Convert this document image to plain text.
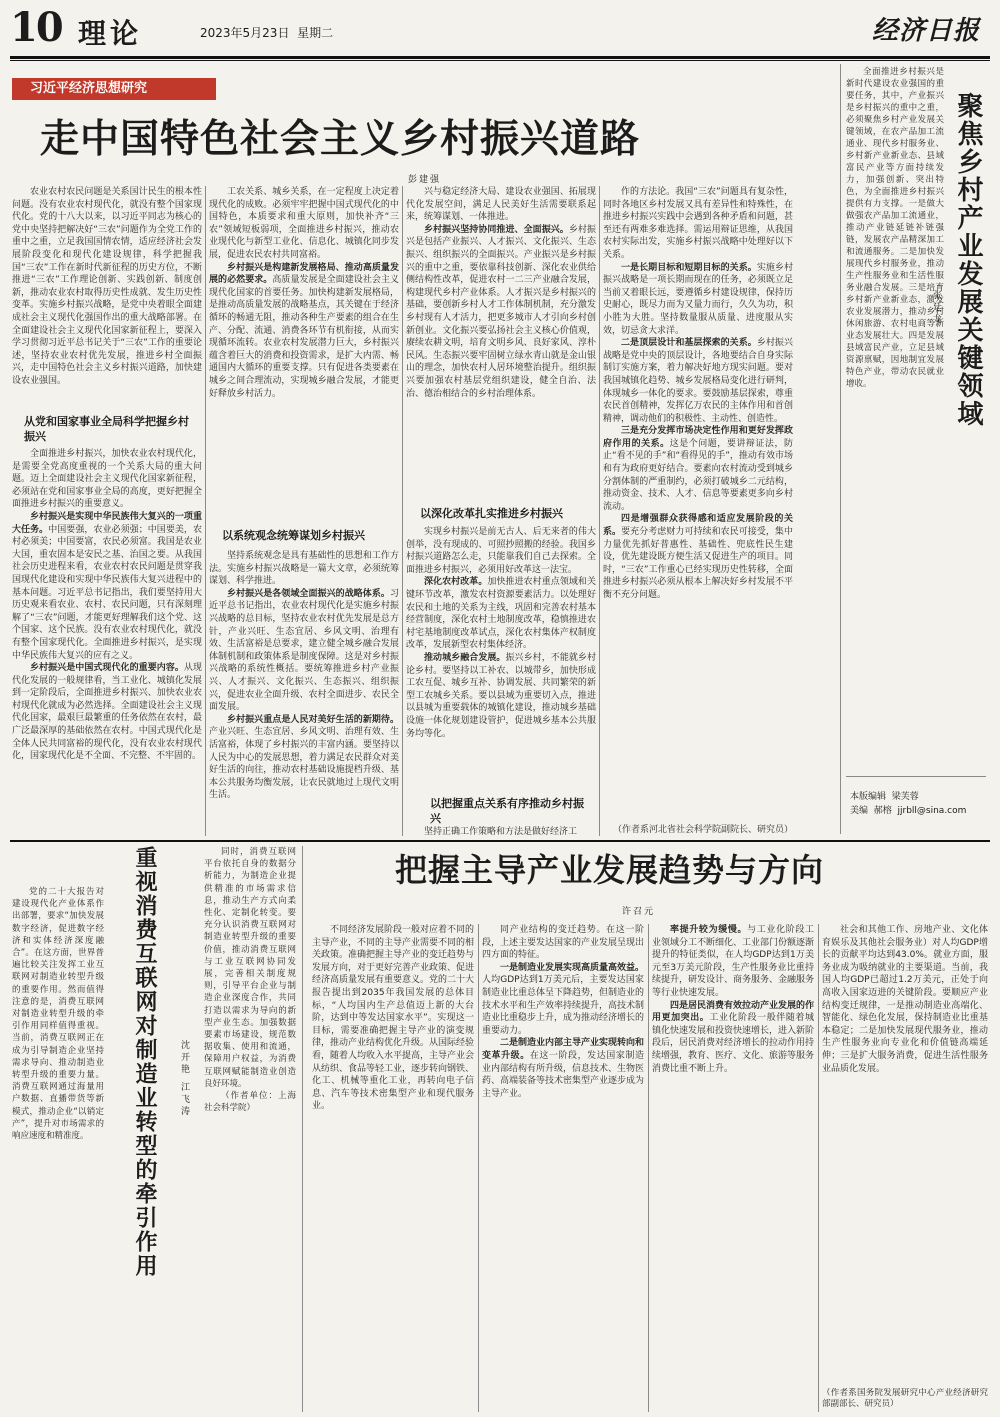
10 理论	2023年5月23日 星期二	经济日报
习近平经济思想研究
走中国特色社会主义乡村振兴道路
彭建强

农业农村农民问题是关系国计民生的根本性问题。没有农业农村现代化，就没有整个国家现代化。党的十八大以来，以习近平同志为核心的党中央坚持把解决好“三农”问题作为全党工作的重中之重，立足我国国情农情，适应经济社会发展阶段变化和现代化建设规律，科学把握我国“三农”工作在新时代新征程的历史方位，不断推进“三农”工作理论创新、实践创新、制度创新，推动农业农村取得历史性成就、发生历史性变革。实施乡村振兴战略，是党中央着眼全面建成社会主义现代化强国作出的重大战略部署。在全面建设社会主义现代化国家新征程上，要深入学习贯彻习近平总书记关于“三农”工作的重要论述，坚持农业农村优先发展，推进乡村全面振兴，走中国特色社会主义乡村振兴道路，加快建设农业强国。

从党和国家事业全局科学把握乡村振兴

全面推进乡村振兴，加快农业农村现代化，是需要全党高度重视的一个关系大局的重大问题。迈上全面建设社会主义现代化国家新征程，必须站在党和国家事业全局的高度，更好把握全面推进乡村振兴的重要意义。

乡村振兴是实现中华民族伟大复兴的一项重大任务。中国要强，农业必须强；中国要美，农村必须美；中国要富，农民必须富。我国是农业大国，重农固本是安民之基、治国之要。从我国社会历史进程来看，农业农村农民问题是贯穿我国现代化建设和实现中华民族伟大复兴进程中的基本问题。习近平总书记指出，我们要坚持用大历史观来看农业、农村、农民问题，只有深刻理解了“三农”问题，才能更好理解我们这个党、这个国家、这个民族。没有农业农村现代化，就没有整个国家现代化。全面推进乡村振兴，是实现中华民族伟大复兴的应有之义。

乡村振兴是中国式现代化的重要内容。从现代化发展的一般规律看，当工业化、城镇化发展到一定阶段后，全面推进乡村振兴、加快农业农村现代化就成为必然选择。全面建设社会主义现代化国家，最艰巨最繁重的任务依然在农村，最广泛最深厚的基础依然在农村。中国式现代化是全体人民共同富裕的现代化，没有农业农村现代化，国家现代化是不全面、不完整、不牢固的。

工农关系、城乡关系，在一定程度上决定着现代化的成败。必须牢牢把握中国式现代化的中国特色，本质要求和重大原则，加快补齐“三农”领域短板弱项，全面推进乡村振兴，推动农业现代化与新型工业化、信息化、城镇化同步发展，促进农民农村共同富裕。

乡村振兴是构建新发展格局、推动高质量发展的必然要求。高质量发展是全面建设社会主义现代化国家的首要任务。加快构建新发展格局，是推动高质量发展的战略基点，其关键在于经济循环的畅通无阻，推动各种生产要素的组合在生产、分配、流通、消费各环节有机衔接，从而实现循环流转。农业农村发展潜力巨大，乡村振兴蕴含着巨大的消费和投资需求，是扩大内需、畅通国内大循环的重要支撑。只有促进各类要素在城乡之间合理流动，实现城乡融合发展，才能更好释放乡村活力。

以系统观念统筹谋划乡村振兴

坚持系统观念是具有基础性的思想和工作方法。实施乡村振兴战略是一篇大文章，必须统筹谋划、科学推进。

乡村振兴是各领域全面振兴的战略体系。习近平总书记指出，农业农村现代化是实施乡村振兴战略的总目标，坚持农业农村优先发展是总方针，产业兴旺、生态宜居、乡风文明、治理有效、生活富裕是总要求，建立健全城乡融合发展体制机制和政策体系是制度保障。这是对乡村振兴战略的系统性概括。要统筹推进乡村产业振兴、人才振兴、文化振兴、生态振兴、组织振兴，促进农业全面升级、农村全面进步、农民全面发展。

乡村振兴重点是人民对美好生活的新期待。产业兴旺、生态宜居、乡风文明、治理有效、生活富裕，体现了乡村振兴的丰富内涵。要坚持以人民为中心的发展思想，着力满足农民群众对美好生活的向往，推动农村基础设施提档升级、基本公共服务均衡发展，让农民就地过上现代文明生活。

兴与稳定经济大局、建设农业强国、拓展现代化发展空间，满足人民美好生活需要联系起来，统筹谋划、一体推进。

乡村振兴坚持协同推进、全面振兴。乡村振兴是包括产业振兴、人才振兴、文化振兴、生态振兴、组织振兴的全面振兴。产业振兴是乡村振兴的重中之重，要依靠科技创新、深化农业供给侧结构性改革，促进农村一二三产业融合发展，构建现代乡村产业体系。人才振兴是乡村振兴的基础，要创新乡村人才工作体制机制，充分激发乡村现有人才活力，把更多城市人才引向乡村创新创业。文化振兴要弘扬社会主义核心价值观，赓续农耕文明，培育文明乡风、良好家风、淳朴民风。生态振兴要牢固树立绿水青山就是金山银山的理念，加快农村人居环境整治提升。组织振兴要加强农村基层党组织建设，健全自治、法治、德治相结合的乡村治理体系。

以深化改革扎实推进乡村振兴

实现乡村振兴是前无古人、后无来者的伟大创举，没有现成的、可照抄照搬的经验。我国乡村振兴道路怎么走，只能靠我们自己去探索。全面推进乡村振兴，必须用好改革这一法宝。

深化农村改革。加快推进农村重点领域和关键环节改革，激发农村资源要素活力。以处理好农民和土地的关系为主线，巩固和完善农村基本经营制度，深化农村土地制度改革，稳慎推进农村宅基地制度改革试点，深化农村集体产权制度改革，发展新型农村集体经济。

推动城乡融合发展。振兴乡村，不能就乡村论乡村。要坚持以工补农、以城带乡，加快形成工农互促、城乡互补、协调发展、共同繁荣的新型工农城乡关系。要以县域为重要切入点，推进以县城为重要载体的城镇化建设，推动城乡基础设施一体化规划建设管护，促进城乡基本公共服务均等化。

以把握重点关系有序推动乡村振兴

坚持正确工作策略和方法是做好经济工

作的方法论。我国“三农”问题具有复杂性，同时各地区乡村发展又具有差异性和特殊性，在推进乡村振兴实践中会遇到各种矛盾和问题，甚至还有两难多难选择。需运用辩证思维，从我国农村实际出发，实施乡村振兴战略中处理好以下关系。

一是长期目标和短期目标的关系。实施乡村振兴战略是一项长期而现在的任务，必须既立足当前又着眼长远，要遵循乡村建设规律，保持历史耐心，既尽力而为又量力而行，久久为功，积小胜为大胜。坚持数量服从质量、进度服从实效，切忌贪大求洋。

二是顶层设计和基层探索的关系。乡村振兴战略是党中央的顶层设计，各地要结合自身实际制订实施方案，着力解决好地方现实问题。要对我国城镇化趋势、城乡发展格局变化进行研判，体现城乡一体化的要求。要鼓励基层探索，尊重农民首创精神，发挥亿万农民的主体作用和首创精神，调动他们的积极性、主动性、创造性。

三是充分发挥市场决定性作用和更好发挥政府作用的关系。这是个问题，要讲辩证法，防止“看不见的手”和“看得见的手”，推动有效市场和有为政府更好结合。要素向农村流动受到城乡分割体制的严重制约，必须打破城乡二元结构，推动资金、技术、人才、信息等要素更多向乡村流动。

四是增强群众获得感和适应发展阶段的关系。要充分考虑财力可持续和农民可接受，集中力量优先抓好普惠性、基础性、兜底性民生建设，优先建设既方便生活又促进生产的项目。同时，“三农”工作重心已经实现历史性转移，全面推进乡村振兴必须从根本上解决好乡村发展不平衡不充分问题。

（作者系河北省社会科学院副院长、研究员）

全面推进乡村振兴是新时代建设农业强国的重要任务，其中，产业振兴是乡村振兴的重中之重，必须聚焦乡村产业发展关键领域，在农产品加工流通业、现代乡村服务业、乡村新产业新业态、县域富民产业等方面持续发力，加强创新、突出特色，为全面推进乡村振兴提供有力支撑。一是做大做强农产品加工流通业，推动产业链延链补链强链，发展农产品精深加工和流通服务。二是加快发展现代乡村服务业，推动生产性服务业和生活性服务业融合发展。三是培育乡村新产业新业态，激发农业发展潜力，推动乡村休闲旅游、农村电商等新业态发展壮大。四是发展县域富民产业，立足县域资源禀赋，因地制宜发展特色产业，带动农民就业增收。	聚焦乡村产业发展关键领域
张廷龙
本版编辑 梁芙蓉
美编 郝榕 jjrbll@sina.com

党的二十大报告对建设现代化产业体系作出部署，要求“加快发展数字经济，促进数字经济和实体经济深度融合”。在这方面，世界普遍比较关注发挥工业互联网对制造业转型升级的重要作用。然而值得注意的是，消费互联网对制造业转型升级的牵引作用同样值得重视。当前，消费互联网正在成为引导制造企业坚持需求导向、推动制造业转型升级的重要力量。消费互联网通过海量用户数据、直播带货等新模式，推动企业“以销定产”，提升对市场需求的响应速度和精准度。	重视消费互联网对制造业转型的牵引作用	沈开艳 江飞涛

同时，消费互联网平台依托自身的数据分析能力，为制造企业提供精准的市场需求信息，推动生产方式向柔性化、定制化转变。要充分认识消费互联网对制造业转型升级的重要价值，推动消费互联网与工业互联网协同发展，完善相关制度规则，引导平台企业与制造企业深度合作，共同打造以需求为导向的新型产业生态。加强数据要素市场建设，规范数据收集、使用和流通，保障用户权益，为消费互联网赋能制造业创造良好环境。

（作者单位：上海社会科学院）

把握主导产业发展趋势与方向
许召元

不同经济发展阶段一般对应着不同的主导产业，不同的主导产业需要不同的相关政策。准确把握主导产业的变迁趋势与发展方向，对于更好完善产业政策、促进经济高质量发展有重要意义。党的二十大报告提出到2035年我国发展的总体目标，“人均国内生产总值迈上新的大台阶，达到中等发达国家水平”。实现这一目标，需要准确把握主导产业的演变规律，推动产业结构优化升级。从国际经验看，随着人均收入水平提高，主导产业会从纺织、食品等轻工业，逐步转向钢铁、化工、机械等重化工业，再转向电子信息、汽车等技术密集型产业和现代服务业。

同产业结构的变迁趋势。在这一阶段，上述主要发达国家的产业发展呈现出四方面的特征。

一是制造业发展实现高质量高效益。人均GDP达到1万美元后，主要发达国家制造业比重总体呈下降趋势，但制造业的技术水平和生产效率持续提升，高技术制造业比重稳步上升，成为推动经济增长的重要动力。

二是制造业内部主导产业实现转向和变革升级。在这一阶段，发达国家制造业内部结构有所升级，信息技术、生物医药、高端装备等技术密集型产业逐步成为主导产业。

率提升较为缓慢。与工业化阶段工业领域分工不断细化、工业部门份额逐渐提升的特征类似，在人均GDP达到1万美元至3万美元阶段，生产性服务业比重持续提升，研发设计、商务服务、金融服务等行业快速发展。

四是居民消费有效拉动产业发展的作用更加突出。工业化阶段一般伴随着城镇化快速发展和投资快速增长，进入新阶段后，居民消费对经济增长的拉动作用持续增强，教育、医疗、文化、旅游等服务消费比重不断上升。

社会和其他工作、房地产业、文化体育娱乐及其他社会服务业）对人均GDP增长的贡献平均达到43.0%。就业方面，服务业成为吸纳就业的主要渠道。当前，我国人均GDP已超过1.2万美元，正处于向高收入国家迈进的关键阶段。要顺应产业结构变迁规律，一是推动制造业高端化、智能化、绿色化发展，保持制造业比重基本稳定；二是加快发展现代服务业，推动生产性服务业向专业化和价值链高端延伸；三是扩大服务消费，促进生活性服务业品质化发展。

（作者系国务院发展研究中心产业经济研究部副部长、研究员）
